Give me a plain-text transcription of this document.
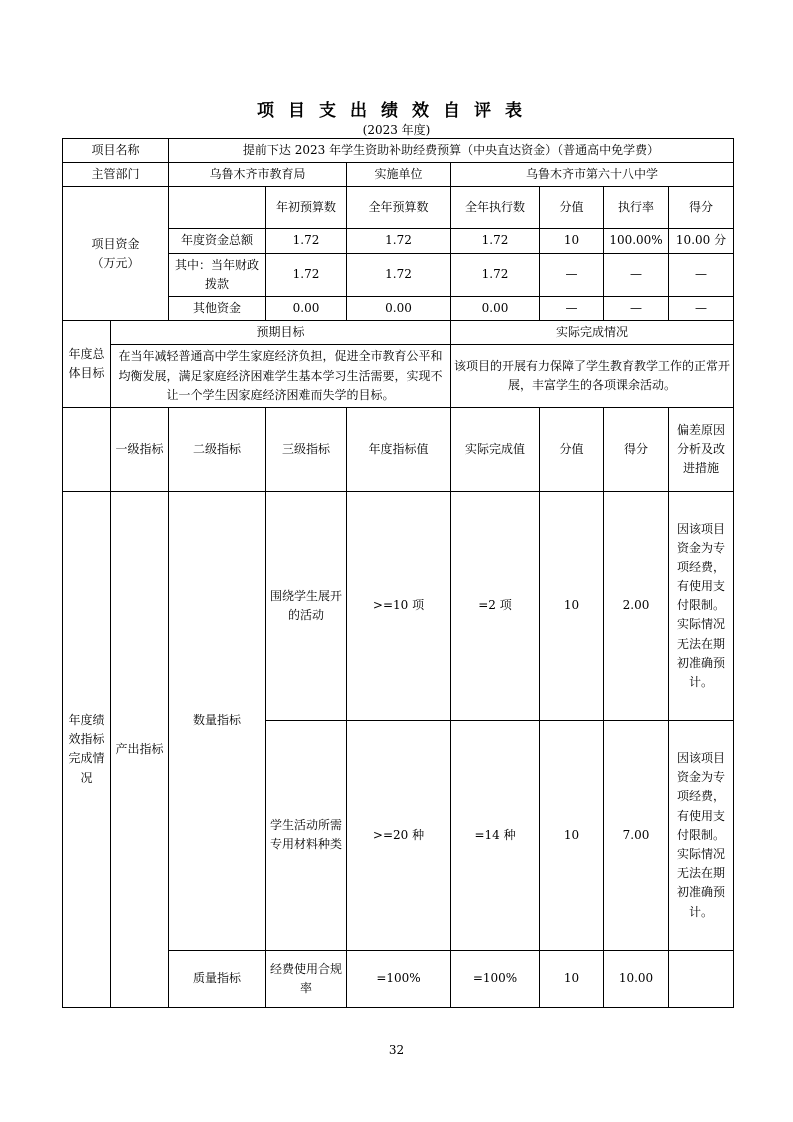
项目支出绩效自评表
(2023 年度)
项目名称		提前下达 2023 年学生资助补助经费预算（中央直达资金）（普通高中免学费）						
主管部门		乌鲁木齐市教育局		实施单位	乌鲁木齐市第六十八中学			
项目资金
（万元）			年初预算数	全年预算数	全年执行数	分值	执行率	得分
		年度资金总额	1.72	1.72	1.72	10	100.00%	10.00 分
		其中：当年财政拨款	1.72	1.72	1.72	—	—	—
		其他资金	0.00	0.00	0.00	—	—	—
年度总体目标	预期目标				实际完成情况			
	在当年减轻普通高中学生家庭经济负担，促进全市教育公平和均衡发展，满足家庭经济困难学生基本学习生活需要，实现不让一个学生因家庭经济困难而失学的目标。				该项目的开展有力保障了学生教育教学工作的正常开展，丰富学生的各项课余活动。			
	一级指标	二级指标	三级指标	年度指标值	实际完成值	分值	得分	偏差原因分析及改进措施
年度绩效指标完成情况	产出指标	数量指标	围绕学生展开的活动	>=10 项	=2 项	10	2.00	因该项目资金为专项经费，有使用支付限制。实际情况无法在期初准确预计。
			学生活动所需专用材料种类	>=20 种	=14 种	10	7.00	因该项目资金为专项经费，有使用支付限制。实际情况无法在期初准确预计。
		质量指标	经费使用合规率	=100%	=100%	10	10.00	
32
